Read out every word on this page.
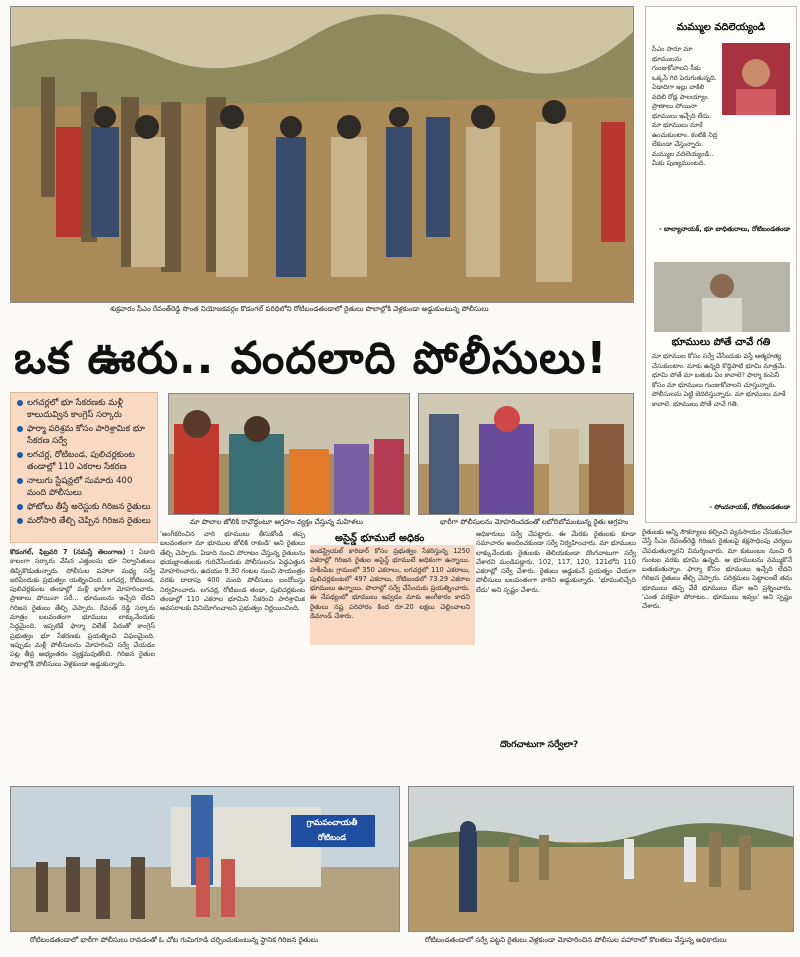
శుక్రవారం సీఎం రేవంత్‌రెడ్డి సొంత నియోజకవర్గం కొడంగల్ పరిధిలోని రోటిబండతండాలో రైతులు పొలాల్లోకి వెళ్లకుండా అడ్డుకుంటున్న పోలీసులు
ఒక ఊరు.. వందలాది పోలీసులు!
లగచర్లలో భూ సేకరణకు మళ్లీ కాలుదువ్విన కాంగ్రెస్ సర్కారు
ఫార్మా పరిశ్రమ కోసం పారిశ్రామిక భూ సేకరణ సర్వే
లగచర్ల, రోటిబండ, పులిచర్లకుంట తండాల్లో 110 ఎకరాల సేకరణ
నాలుగు స్టేషన్లలో సుమారు 400 మంది పోలీసులు
ఫోటోలు తీస్తే అరెస్టుకు గిరిజన రైతులు
మరోసారి తేల్చి చెప్పిన గిరిజన రైతులు	మా పొలాల జోలికి రావొద్దంటూ ఆగ్రహం వ్యక్తం చేస్తున్న మహిళలు	భారీగా పోలీసులను మోహరించడంతో లబోదిబోమంటున్న రైతు ఆగ్రహం

కొడంగల్, ఫిబ్రవరి 7 (నమస్తే తెలంగాణ) : ఏడాది కాలంగా సర్కారు వేసిన ఎత్తులను భూ నిర్వాసితులు తిప్పికొడుతున్నారు. పోలీసుల పహారా మధ్య సర్వే జరిపేందుకు ప్రభుత్వం యత్నించింది. లగచర్ల, రోటిబండ, పులిచర్లకుంట తండాల్లో మళ్లీ భారీగా మోహరించారు. ప్రాణాలు పోయినా సరే... భూములను ఇచ్చేది లేదని గిరిజన రైతులు తేల్చి చెప్పారు. రేవంత్ రెడ్డి సర్కారు మాత్రం బలవంతంగా భూములు లాక్కునేందుకు సిద్ధమైంది. ఇప్పటికే ఫార్మా విలేజ్ పేరుతో కాంగ్రెస్ ప్రభుత్వం భూ సేకరణకు ప్రయత్నించి విఫలమైంది. ఇప్పుడు మళ్లీ పోలీసులను మోహరించి సర్వే చేయడం పట్ల తీవ్ర అభ్యంతరం వ్యక్తమవుతోంది. గిరిజన రైతుల పొలాల్లోకి పోలీసులు వెళ్లకుండా అడ్డుకున్నారు.

'అంగీకరించిన వారి భూములు తీసుకోండి తప్ప బలవంతంగా మా భూముల జోలికి రాకండి' అని రైతులు తేల్చి చెప్పారు. ఏడాది నుంచి పోరాటం చేస్తున్న రైతులను భయభ్రాంతులకు గురిచేసేందుకు పోలీసులను పెద్దఎత్తున మోహరించారు. ఉదయం 9.30 గంటల నుంచి సాయంత్రం వరకు దాదాపు 400 మంది పోలీసులు బందోబస్తు నిర్వహించారు. లగచర్ల, రోటిబండ తండా, పులిచర్లకుంట తండాల్లో 110 ఎకరాల భూమిని సేకరించి పారిశ్రామిక అవసరాలకు వినియోగించాలని ప్రభుత్వం నిర్ణయించింది.

అసైన్డ్ భూములే అధికం

ఇండస్ట్రియల్ కారిడార్ కోసం ప్రభుత్వం సేకరిస్తున్న 1250 ఎకరాల్లో గిరిజన రైతుల అసైన్డ్ భూములే అధికంగా ఉన్నాయి. హకీంపేట గ్రామంలో 350 ఎకరాలు, లగచర్లలో 110 ఎకరాలు, పులిచర్లకుంటలో 497 ఎకరాలు, రోటిబండలో 73.29 ఎకరాల భూములు ఉన్నాయి. పొలాల్లో సర్వే చేసేందుకు ప్రయత్నించారు. ఈ నేపథ్యంలో భూములు ఇవ్వడం మాకు అంగీకారం కాదని రైతులు నష్ట పరిహారం కింద రూ.20 లక్షలు చెల్లించాలని డిమాండ్ చేశారు.

అధికారులు సర్వే చేపట్టారు. ఈ మేరకు రైతులకు కూడా సమాచారం అందించకుండా సర్వే నిర్వహించారు. మా భూములు లాక్కునేందుకు రైతులకు తెలియకుండా దొంగచాటుగా సర్వే చేశారని మండిపడ్డారు. 102, 117, 120, 121లోని 110 ఎకరాల్లో సర్వే చేశారు. రైతులు అడ్డుకునే ప్రయత్నం చేయగా పోలీసులు బలవంతంగా వారిని అడ్డుకున్నారు. 'భూములిచ్చేది లేదు' అని స్పష్టం చేశారు.

దొంగచాటుగా సర్వేలా?

రైతులకు అన్ని సౌకర్యాలు కల్పించి వ్యవసాయం చేసుకునేలా చేస్తే సీఎం రేవంత్‌రెడ్డి గిరిజన రైతులపై కక్షసాధింపు చర్యలు చేపడుతున్నారని విమర్శించారు. మా కుటుంబం నుంచి 6 గుంటల వరకు భూమి ఉన్నది. ఆ భూములను నమ్ముకొనే బతుకుతున్నాం. ఫార్మా కోసం భూములు ఇచ్చేది లేదని గిరిజన రైతులు తేల్చి చెప్పారు. పరిశ్రమలు పెట్టాలంటే తమ భూములు తప్ప వేరే భూములు లేవా అని ప్రశ్నించారు. 'ఎంత వరకైనా పోరాటం.. భూములు ఇవ్వం' అని స్పష్టం చేశారు.

మమ్ముల వదిలెయ్యండి
సీఎం సారూ మా భూములను గుంజుకోవాలని సీకు ఒక్కసే గిరి పెరుగుతున్నది. ఏడాదిగా ఇల్లు వాకిలి వదిలి రోడ్ల పాలయ్యాం. ప్రాణాలు పోయినా భూములు ఇచ్చేది లేదు. మా భూములు మాకే ఉంచుకుంటాం. కంటికి నిద్ర లేకుండా చేస్తున్నారు. మమ్ముల వదిలెయ్యండి.. మీకు పుణ్యముంటది.
- బాల్యానాయక్, భూ బాధితురాలు, రోటిబండతండా
భూములు పోతే చావే గతి
మా భూముల కోసం సర్వే చేసేందుకు వస్తే ఆత్మహత్య చేసుకుంటాం. మాకు ఉన్నది కొద్దిపాటి భూమి మాత్రమే. భూమి పోతే మా బతుకు ఏం కావాలె? ఫార్మా కంపెనీ కోసం మా భూములు గుంజుకోవాలని చూస్తున్నారు. పోలీసులను పెట్టి బెదిరిస్తున్నారు. మా భూములు మాకే కావాలె. భూములు పోతే చావే గతి.
- సోందనాయక్, రోటిబండతండా
గ్రామపంచాయతీ రోటిబండ
రోటిబండతండాలో భారీగా పోలీసులు రావడంతో ఓ చోట గుమిగూడి చర్చించుకుంటున్న స్థానిక గిరిజన రైతులు	రోటిబండతండాలో సర్వే పట్టని రైతులు వెళ్లకుండా మోహరించిన పోలీసుల పహారాలో కొలతలు వేస్తున్న అధికారులు
